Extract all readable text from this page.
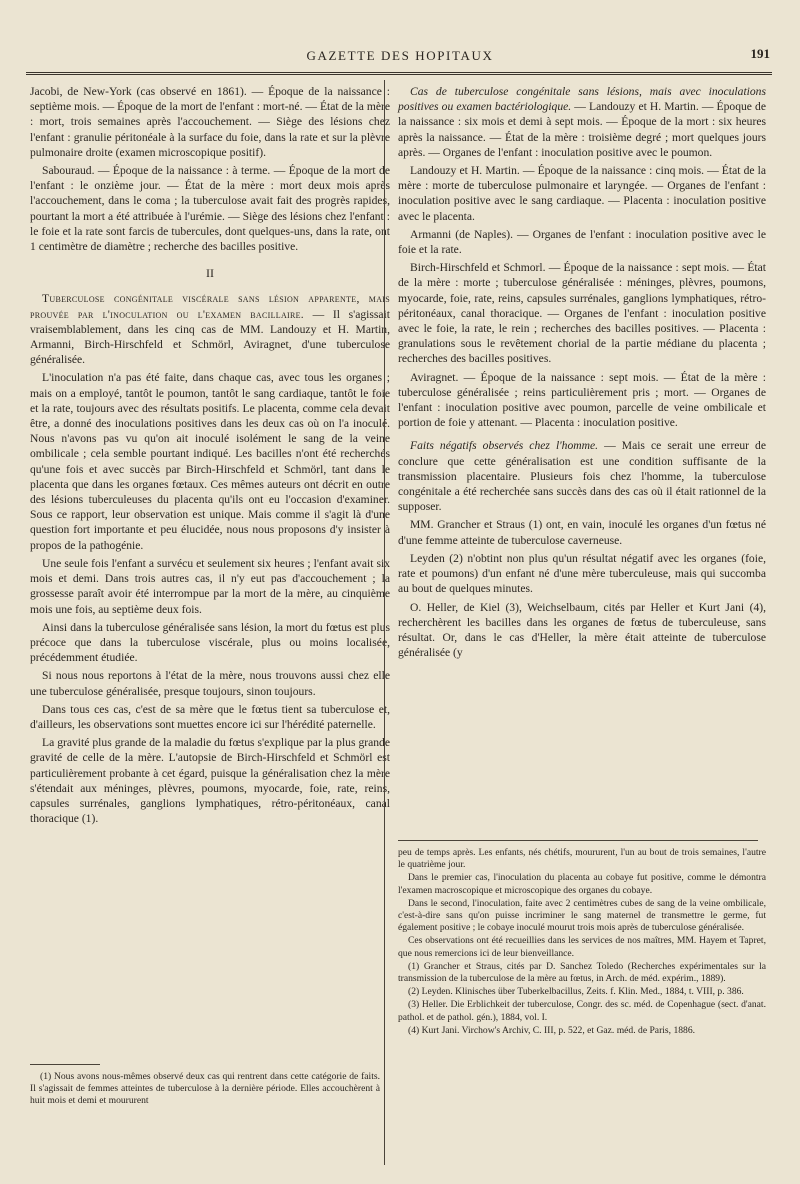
GAZETTE DES HOPITAUX	191

Jacobi, de New-York (cas observé en 1861). — Époque de la naissance : septième mois. — Époque de la mort de l'enfant : mort-né. — État de la mère : mort, trois semaines après l'accouchement. — Siège des lésions chez l'enfant : granulie péritonéale à la surface du foie, dans la rate et sur la plèvre pulmonaire droite (examen microscopique positif).

Sabouraud. — Époque de la naissance : à terme. — Époque de la mort de l'enfant : le onzième jour. — État de la mère : mort deux mois après l'accouchement, dans le coma ; la tuberculose avait fait des progrès rapides, pourtant la mort a été attribuée à l'urémie. — Siège des lésions chez l'enfant : le foie et la rate sont farcis de tubercules, dont quelques-uns, dans la rate, ont 1 centimètre de diamètre ; recherche des bacilles positive.

II

Tuberculose congénitale viscérale sans lésion apparente, mais prouvée par l'inoculation ou l'examen bacillaire. — Il s'agissait vraisemblablement, dans les cinq cas de MM. Landouzy et H. Martin, Armanni, Birch-Hirschfeld et Schmörl, Aviragnet, d'une tuberculose généralisée.

L'inoculation n'a pas été faite, dans chaque cas, avec tous les organes ; mais on a employé, tantôt le poumon, tantôt le sang cardiaque, tantôt le foie et la rate, toujours avec des résultats positifs. Le placenta, comme cela devait être, a donné des inoculations positives dans les deux cas où on l'a inoculé. Nous n'avons pas vu qu'on ait inoculé isolément le sang de la veine ombilicale ; cela semble pourtant indiqué. Les bacilles n'ont été recherchés qu'une fois et avec succès par Birch-Hirschfeld et Schmörl, tant dans le placenta que dans les organes fœtaux. Ces mêmes auteurs ont décrit en outre des lésions tuberculeuses du placenta qu'ils ont eu l'occasion d'examiner. Sous ce rapport, leur observation est unique. Mais comme il s'agit là d'une question fort importante et peu élucidée, nous nous proposons d'y insister à propos de la pathogénie.

Une seule fois l'enfant a survécu et seulement six heures ; l'enfant avait six mois et demi. Dans trois autres cas, il n'y eut pas d'accouchement ; la grossesse paraît avoir été interrompue par la mort de la mère, au cinquième mois une fois, au septième deux fois.

Ainsi dans la tuberculose généralisée sans lésion, la mort du fœtus est plus précoce que dans la tuberculose viscérale, plus ou moins localisée, précédemment étudiée.

Si nous nous reportons à l'état de la mère, nous trouvons aussi chez elle une tuberculose généralisée, presque toujours, sinon toujours.

Dans tous ces cas, c'est de sa mère que le fœtus tient sa tuberculose et, d'ailleurs, les observations sont muettes encore ici sur l'hérédité paternelle.

La gravité plus grande de la maladie du fœtus s'explique par la plus grande gravité de celle de la mère. L'autopsie de Birch-Hirschfeld et Schmörl est particulièrement probante à cet égard, puisque la généralisation chez la mère s'étendait aux méninges, plèvres, poumons, myocarde, foie, rate, reins, capsules surrénales, ganglions lymphatiques, rétro-péritonéaux, canal thoracique (1).

(1) Nous avons nous-mêmes observé deux cas qui rentrent dans cette catégorie de faits. Il s'agissait de femmes atteintes de tuberculose à la dernière période. Elles accouchèrent à huit mois et demi et moururent

Cas de tuberculose congénitale sans lésions, mais avec inoculations positives ou examen bactériologique. — Landouzy et H. Martin. — Époque de la naissance : six mois et demi à sept mois. — Époque de la mort : six heures après la naissance. — État de la mère : troisième degré ; mort quelques jours après. — Organes de l'enfant : inoculation positive avec le poumon.

Landouzy et H. Martin. — Époque de la naissance : cinq mois. — État de la mère : morte de tuberculose pulmonaire et laryngée. — Organes de l'enfant : inoculation positive avec le sang cardiaque. — Placenta : inoculation positive avec le placenta.

Armanni (de Naples). — Organes de l'enfant : inoculation positive avec le foie et la rate.

Birch-Hirschfeld et Schmorl. — Époque de la naissance : sept mois. — État de la mère : morte ; tuberculose généralisée : méninges, plèvres, poumons, myocarde, foie, rate, reins, capsules surrénales, ganglions lymphatiques, rétro-péritonéaux, canal thoracique. — Organes de l'enfant : inoculation positive avec le foie, la rate, le rein ; recherches des bacilles positives. — Placenta : granulations sous le revêtement chorial de la partie médiane du placenta ; recherches des bacilles positives.

Aviragnet. — Époque de la naissance : sept mois. — État de la mère : tuberculose généralisée ; reins particulièrement pris ; mort. — Organes de l'enfant : inoculation positive avec poumon, parcelle de veine ombilicale et portion de foie y attenant. — Placenta : inoculation positive.

Faits négatifs observés chez l'homme. — Mais ce serait une erreur de conclure que cette généralisation est une condition suffisante de la transmission placentaire. Plusieurs fois chez l'homme, la tuberculose congénitale a été recherchée sans succès dans des cas où il était rationnel de la supposer.

MM. Grancher et Straus (1) ont, en vain, inoculé les organes d'un fœtus né d'une femme atteinte de tuberculose caverneuse.

Leyden (2) n'obtint non plus qu'un résultat négatif avec les organes (foie, rate et poumons) d'un enfant né d'une mère tuberculeuse, mais qui succomba au bout de quelques minutes.

O. Heller, de Kiel (3), Weichselbaum, cités par Heller et Kurt Jani (4), recherchèrent les bacilles dans les organes de fœtus de tuberculeuse, sans résultat. Or, dans le cas d'Heller, la mère était atteinte de tuberculose généralisée (y

peu de temps après. Les enfants, nés chétifs, moururent, l'un au bout de trois semaines, l'autre le quatrième jour.

Dans le premier cas, l'inoculation du placenta au cobaye fut positive, comme le démontra l'examen macroscopique et microscopique des organes du cobaye.

Dans le second, l'inoculation, faite avec 2 centimètres cubes de sang de la veine ombilicale, c'est-à-dire sans qu'on puisse incriminer le sang maternel de transmettre le germe, fut également positive ; le cobaye inoculé mourut trois mois après de tuberculose généralisée.

Ces observations ont été recueillies dans les services de nos maîtres, MM. Hayem et Tapret, que nous remercions ici de leur bienveillance.

(1) Grancher et Straus, cités par D. Sanchez Toledo (Recherches expérimentales sur la transmission de la tuberculose de la mère au fœtus, in Arch. de méd. expérim., 1889).

(2) Leyden. Klinisches über Tuberkelbacillus, Zeits. f. Klin. Med., 1884, t. VIII, p. 386.

(3) Heller. Die Erblichkeit der tuberculose, Congr. des sc. méd. de Copenhague (sect. d'anat. pathol. et de pathol. gén.), 1884, vol. I.

(4) Kurt Jani. Virchow's Archiv, C. III, p. 522, et Gaz. méd. de Paris, 1886.
